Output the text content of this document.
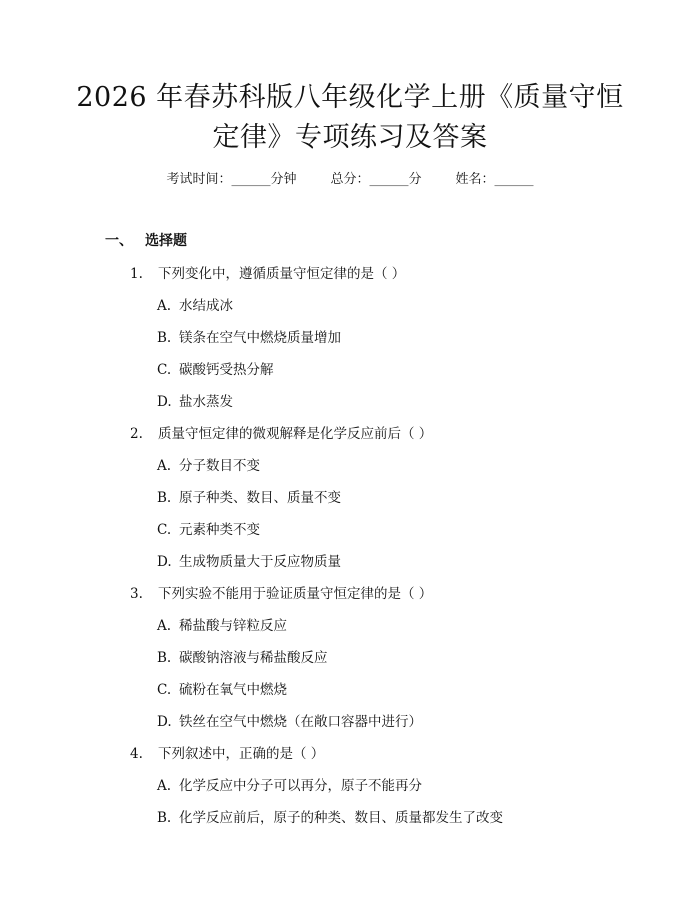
2026 年春苏科版八年级化学上册《质量守恒
定律》专项练习及答案
考试时间：______分钟	总分：______分	姓名：______
一、 选择题
1. 下列变化中，遵循质量守恒定律的是（ ）
A. 水结成冰
B. 镁条在空气中燃烧质量增加
C. 碳酸钙受热分解
D. 盐水蒸发
2. 质量守恒定律的微观解释是化学反应前后（ ）
A. 分子数目不变
B. 原子种类、数目、质量不变
C. 元素种类不变
D. 生成物质量大于反应物质量
3. 下列实验不能用于验证质量守恒定律的是（ ）
A. 稀盐酸与锌粒反应
B. 碳酸钠溶液与稀盐酸反应
C. 硫粉在氧气中燃烧
D. 铁丝在空气中燃烧（在敞口容器中进行）
4. 下列叙述中，正确的是（ ）
A. 化学反应中分子可以再分，原子不能再分
B. 化学反应前后，原子的种类、数目、质量都发生了改变
